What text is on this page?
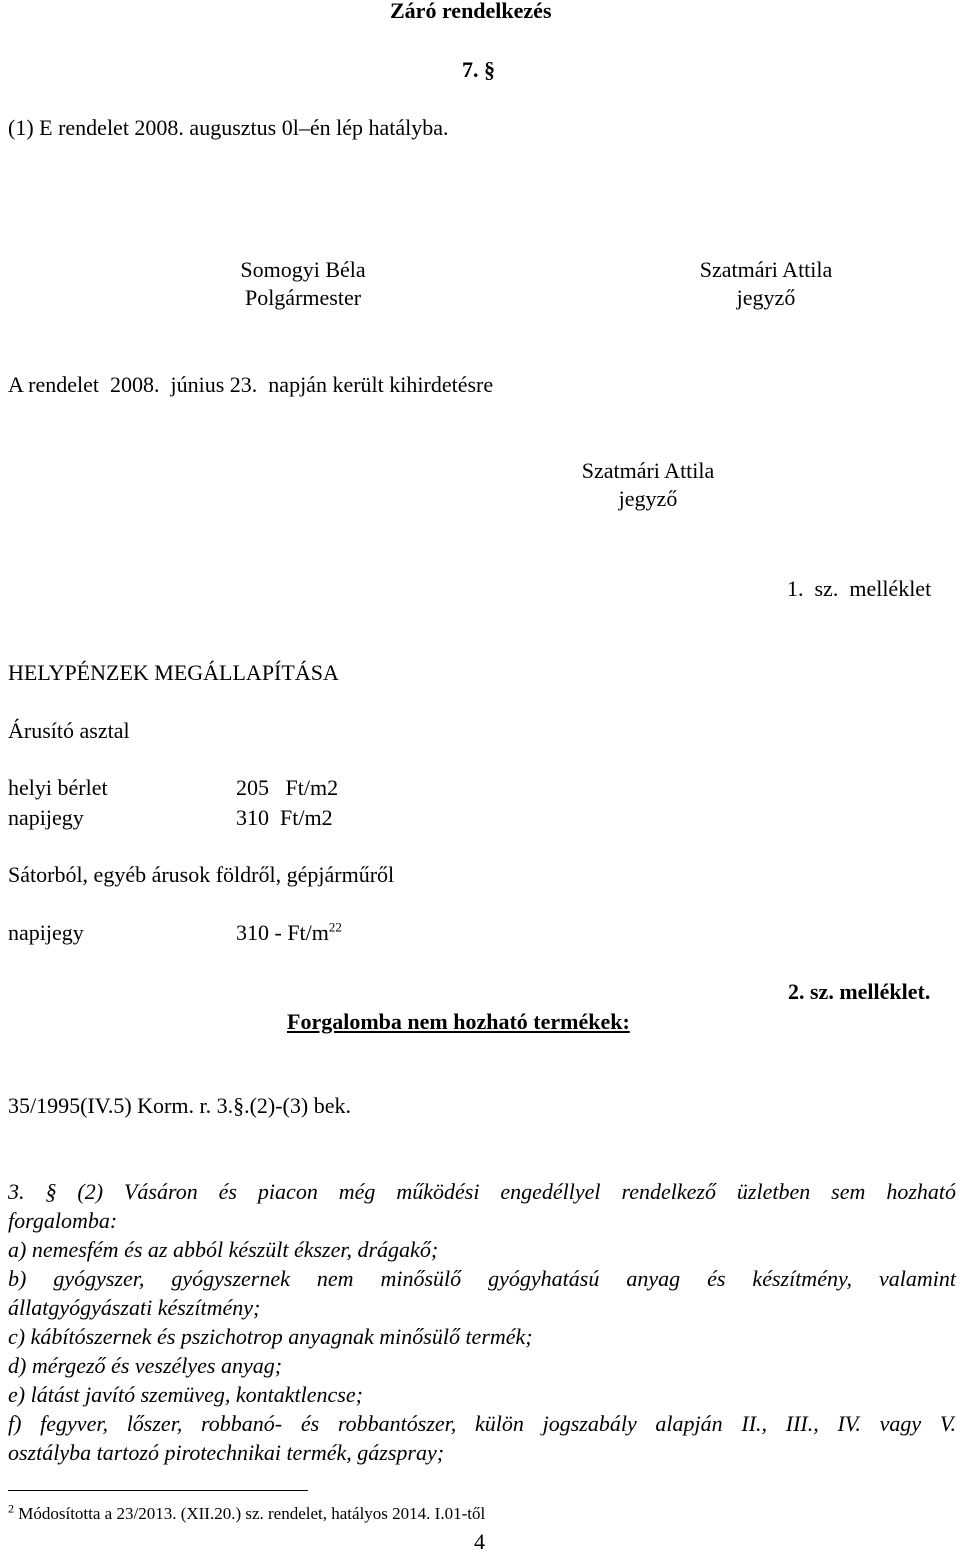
Záró rendelkezés
7. §
(1) E rendelet 2008. augusztus 0l–én lép hatályba.
Somogyi Béla
Polgármester
Szatmári Attila
jegyző
A rendelet  2008.  június 23.  napján került kihirdetésre
Szatmári Attila
jegyző
1.  sz.  melléklet
HELYPÉNZEK MEGÁLLAPÍTÁSA
Árusító asztal
helyi bérlet	205   Ft/m2
napijegy	310  Ft/m2
Sátorból, egyéb árusok földről, gépjárműről
napijegy	$310 - Ft/m^{22}$
2. sz. melléklet.
Forgalomba nem hozható termékek:
35/1995(IV.5) Korm. r. 3.§.(2)-(3) bek.
3. § (2) Vásáron és piacon még működési engedéllyel rendelkező üzletben sem hozható
forgalomba:
a) nemesfém és az abból készült ékszer, drágakő;
b) gyógyszer, gyógyszernek nem minősülő gyógyhatású anyag és készítmény, valamint
állatgyógyászati készítmény;
c) kábítószernek és pszichotrop anyagnak minősülő termék;
d) mérgező és veszélyes anyag;
e) látást javító szemüveg, kontaktlencse;
f) fegyver, lőszer, robbanó- és robbantószer, külön jogszabály alapján II., III., IV. vagy V.
osztályba tartozó pirotechnikai termék, gázspray;
$^2$ Módosította a 23/2013. (XII.20.) sz. rendelet, hatályos 2014. I.01-től
4
